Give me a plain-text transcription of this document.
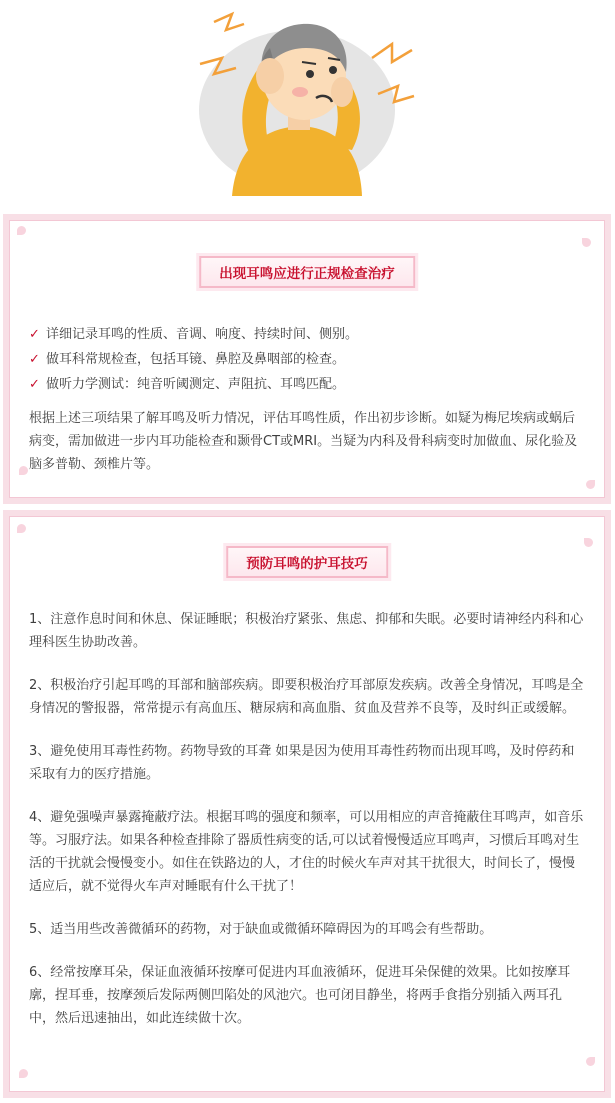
出现耳鸣应进行正规检查治疗
✓ 详细记录耳鸣的性质、音调、响度、持续时间、侧别。
✓ 做耳科常规检查，包括耳镜、鼻腔及鼻咽部的检查。
✓ 做听力学测试：纯音听阈测定、声阻抗、耳鸣匹配。

根据上述三项结果了解耳鸣及听力情况，评估耳鸣性质，作出初步诊断。如疑为梅尼埃病或蜗后病变，需加做进一步内耳功能检查和颞骨CT或MRI。当疑为内科及骨科病变时加做血、尿化验及脑多普勒、颈椎片等。

预防耳鸣的护耳技巧

1、注意作息时间和休息、保证睡眠；积极治疗紧张、焦虑、抑郁和失眠。必要时请神经内科和心理科医生协助改善。

2、积极治疗引起耳鸣的耳部和脑部疾病。即要积极治疗耳部原发疾病。改善全身情况，耳鸣是全身情况的警报器，常常提示有高血压、糖尿病和高血脂、贫血及营养不良等，及时纠正或缓解。

3、避免使用耳毒性药物。药物导致的耳聋 如果是因为使用耳毒性药物而出现耳鸣，及时停药和采取有力的医疗措施。

4、避免强噪声暴露掩蔽疗法。根据耳鸣的强度和频率，可以用相应的声音掩蔽住耳鸣声，如音乐等。习服疗法。如果各种检查排除了器质性病变的话,可以试着慢慢适应耳鸣声，习惯后耳鸣对生活的干扰就会慢慢变小。如住在铁路边的人，才住的时候火车声对其干扰很大，时间长了，慢慢适应后，就不觉得火车声对睡眠有什么干扰了！

5、适当用些改善微循环的药物，对于缺血或微循环障碍因为的耳鸣会有些帮助。

6、经常按摩耳朵，保证血液循环按摩可促进内耳血液循环，促进耳朵保健的效果。比如按摩耳廓，捏耳垂，按摩颈后发际两侧凹陷处的风池穴。也可闭目静坐，将两手食指分别插入两耳孔中，然后迅速抽出，如此连续做十次。
